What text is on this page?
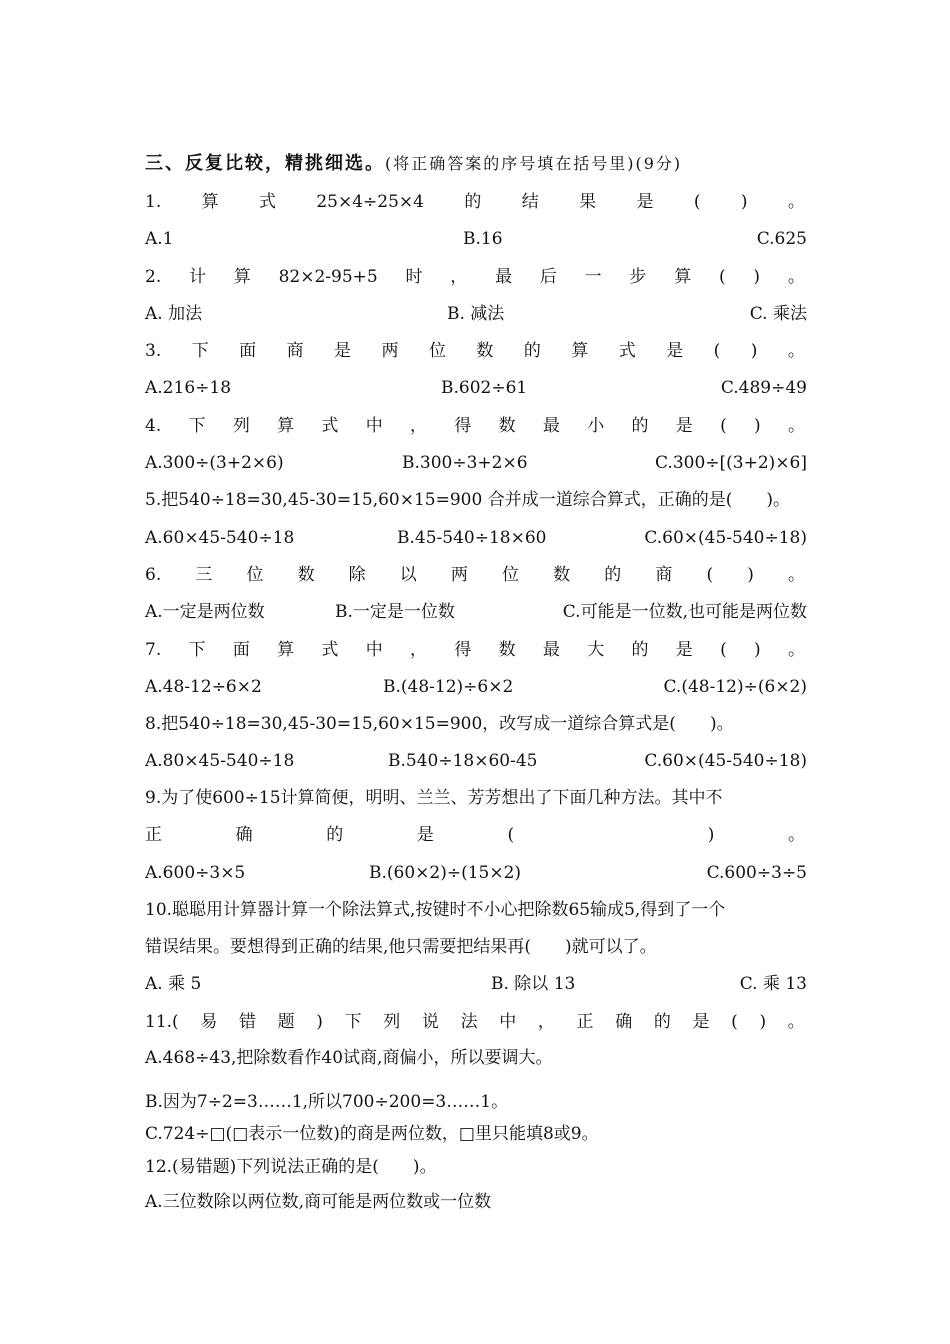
三、反复比较，精挑细选。(将正确答案的序号填在括号里)(9分)
1. 算 式 25×4÷25×4 的 结 果 是 ( ) 。
A.1	B.16	C.625
2. 计 算 82×2-95+5 时 ， 最 后 一 步 算 ( ) 。
A. 加法	B. 减法	C. 乘法
3. 下 面 商 是 两 位 数 的 算 式 是 ( ) 。
A.216÷18	B.602÷61	C.489÷49
4. 下 列 算 式 中 ， 得 数 最 小 的 是 ( ) 。
A.300÷(3+2×6)	B.300÷3+2×6	C.300÷[(3+2)×6]
5.把540÷18=30,45-30=15,60×15=900 合并成一道综合算式，正确的是(　　)。
A.60×45-540÷18	B.45-540÷18×60	C.60×(45-540÷18)
6. 三 位 数 除 以 两 位 数 的 商 ( ) 。
A.一定是两位数	B.一定是一位数	C.可能是一位数,也可能是两位数
7. 下 面 算 式 中 ， 得 数 最 大 的 是 ( ) 。
A.48-12÷6×2	B.(48-12)÷6×2	C.(48-12)÷(6×2)
8.把540÷18=30,45-30=15,60×15=900，改写成一道综合算式是(　　)。
A.80×45-540÷18	B.540÷18×60-45	C.60×(45-540÷18)
9.为了使600÷15计算简便，明明、兰兰、芳芳想出了下面几种方法。其中不
正	确	的	是	(	)	。
A.600÷3×5	B.(60×2)÷(15×2)	C.600÷3÷5
10.聪聪用计算器计算一个除法算式,按键时不小心把除数65输成5,得到了一个
错误结果。要想得到正确的结果,他只需要把结果再(　　)就可以了。
A. 乘 5	B. 除以 13	C. 乘 13
11.( 易 错 题 ) 下 列 说 法 中 ， 正 确 的 是 ( ) 。
A.468÷43,把除数看作40试商,商偏小，所以要调大。
B.因为7÷2=3……1,所以700÷200=3……1。
C.724÷□(□表示一位数)的商是两位数，□里只能填8或9。
12.(易错题)下列说法正确的是(　　)。
A.三位数除以两位数,商可能是两位数或一位数
